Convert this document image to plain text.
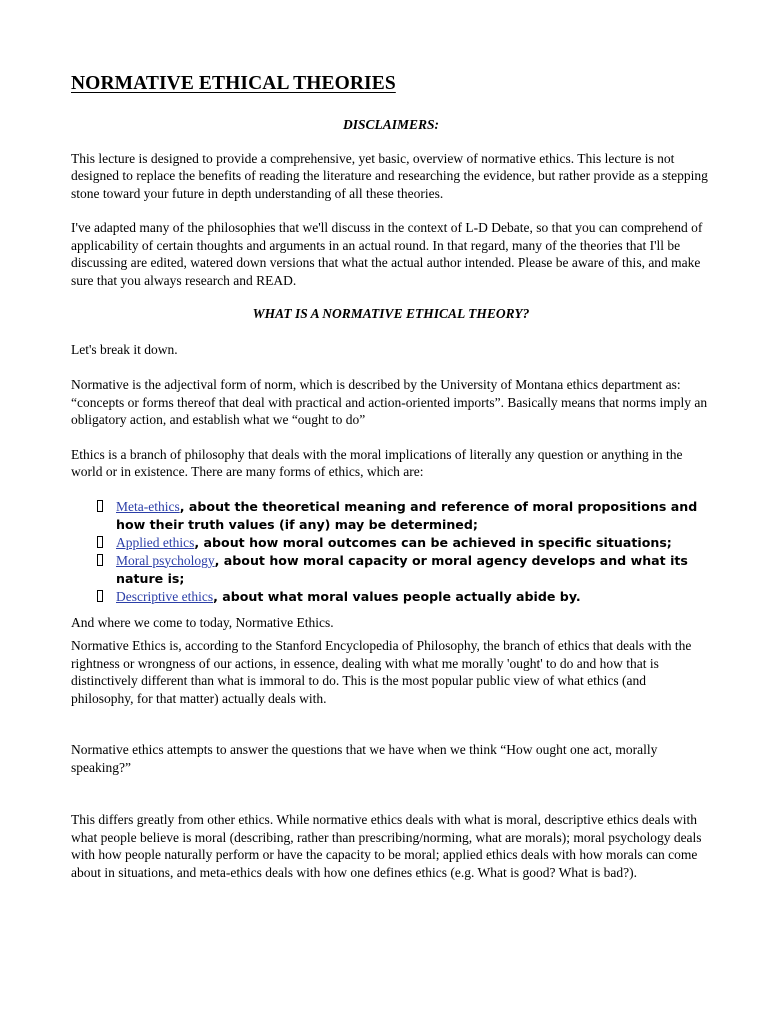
NORMATIVE ETHICAL THEORIES

DISCLAIMERS:

This lecture is designed to provide a comprehensive, yet basic, overview of normative ethics. This lecture is not designed to replace the benefits of reading the literature and researching the evidence, but rather provide as a stepping stone toward your future in depth understanding of all these theories.

I've adapted many of the philosophies that we'll discuss in the context of L-D Debate, so that you can comprehend of applicability of certain thoughts and arguments in an actual round. In that regard, many of the theories that I'll be discussing are edited, watered down versions that what the actual author intended. Please be aware of this, and make sure that you always research and READ.

WHAT IS A NORMATIVE ETHICAL THEORY?

Let's break it down.

Normative is the adjectival form of norm, which is described by the University of Montana ethics department as: “concepts or forms thereof that deal with practical and action-oriented imports”. Basically means that norms imply an obligatory action, and establish what we “ought to do”

Ethics is a branch of philosophy that deals with the moral implications of literally any question or anything in the world or in existence. There are many forms of ethics, which are:

Meta-ethics, about the theoretical meaning and reference of moral propositions and how their truth values (if any) may be determined;
Applied ethics, about how moral outcomes can be achieved in specific situations;
Moral psychology, about how moral capacity or moral agency develops and what its nature is;
Descriptive ethics, about what moral values people actually abide by.

And where we come to today, Normative Ethics.

Normative Ethics is, according to the Stanford Encyclopedia of Philosophy, the branch of ethics that deals with the rightness or wrongness of our actions, in essence, dealing with what me morally 'ought' to do and how that is distinctively different than what is immoral to do. This is the most popular public view of what ethics (and philosophy, for that matter) actually deals with.

Normative ethics attempts to answer the questions that we have when we think “How ought one act, morally speaking?”

This differs greatly from other ethics. While normative ethics deals with what is moral, descriptive ethics deals with what people believe is moral (describing, rather than prescribing/norming, what are morals); moral psychology deals with how people naturally perform or have the capacity to be moral; applied ethics deals with how morals can come about in situations, and meta-ethics deals with how one defines ethics (e.g. What is good? What is bad?).
